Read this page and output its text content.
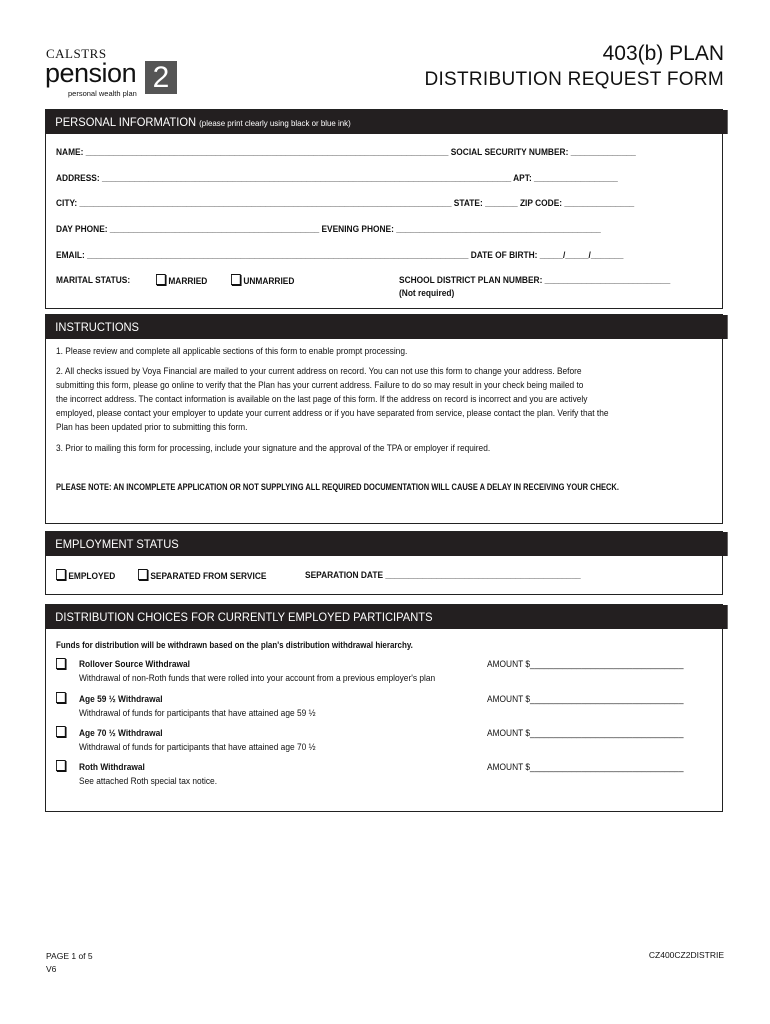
CALSTRS
pension 2
personal wealth plan
403(b) PLAN
DISTRIBUTION REQUEST FORM
PERSONAL INFORMATION (please print clearly using black or blue ink)
NAME: ______________________________________________________________________________ SOCIAL SECURITY NUMBER: ______________
ADDRESS: ________________________________________________________________________________________ APT: __________________
CITY: ________________________________________________________________________________ STATE: _______ ZIP CODE: _______________
DAY PHONE: _____________________________________________ EVENING PHONE: ____________________________________________
EMAIL: __________________________________________________________________________________ DATE OF BIRTH: _____/_____/_______
MARITAL STATUS:	MARRIED	UNMARRIED	SCHOOL DISTRICT PLAN NUMBER: ___________________________
(Not required)
INSTRUCTIONS
1. Please review and complete all applicable sections of this form to enable prompt processing.
2. All checks issued by Voya Financial are mailed to your current address on record. You can not use this form to change your address. Before
submitting this form, please go online to verify that the Plan has your current address. Failure to do so may result in your check being mailed to
the incorrect address. The contact information is available on the last page of this form. If the address on record is incorrect and you are actively
employed, please contact your employer to update your current address or if you have separated from service, please contact the plan. Verify that the
Plan has been updated prior to submitting this form.
3. Prior to mailing this form for processing, include your signature and the approval of the TPA or employer if required.
PLEASE NOTE: AN INCOMPLETE APPLICATION OR NOT SUPPLYING ALL REQUIRED DOCUMENTATION WILL CAUSE A DELAY IN RECEIVING YOUR CHECK.
EMPLOYMENT STATUS
EMPLOYED	SEPARATED FROM SERVICE	SEPARATION DATE __________________________________________
DISTRIBUTION CHOICES FOR CURRENTLY EMPLOYED PARTICIPANTS
Funds for distribution will be withdrawn based on the plan's distribution withdrawal hierarchy.
Rollover Source Withdrawal
Withdrawal of non-Roth funds that were rolled into your account from a previous employer's plan
AMOUNT $_________________________________
Age 59 ½ Withdrawal
Withdrawal of funds for participants that have attained age 59 ½
AMOUNT $_________________________________
Age 70 ½ Withdrawal
Withdrawal of funds for participants that have attained age 70 ½
AMOUNT $_________________________________
Roth Withdrawal
See attached Roth special tax notice.
AMOUNT $_________________________________
PAGE 1 of 5
V6
CZ400CZ2DISTRIE
